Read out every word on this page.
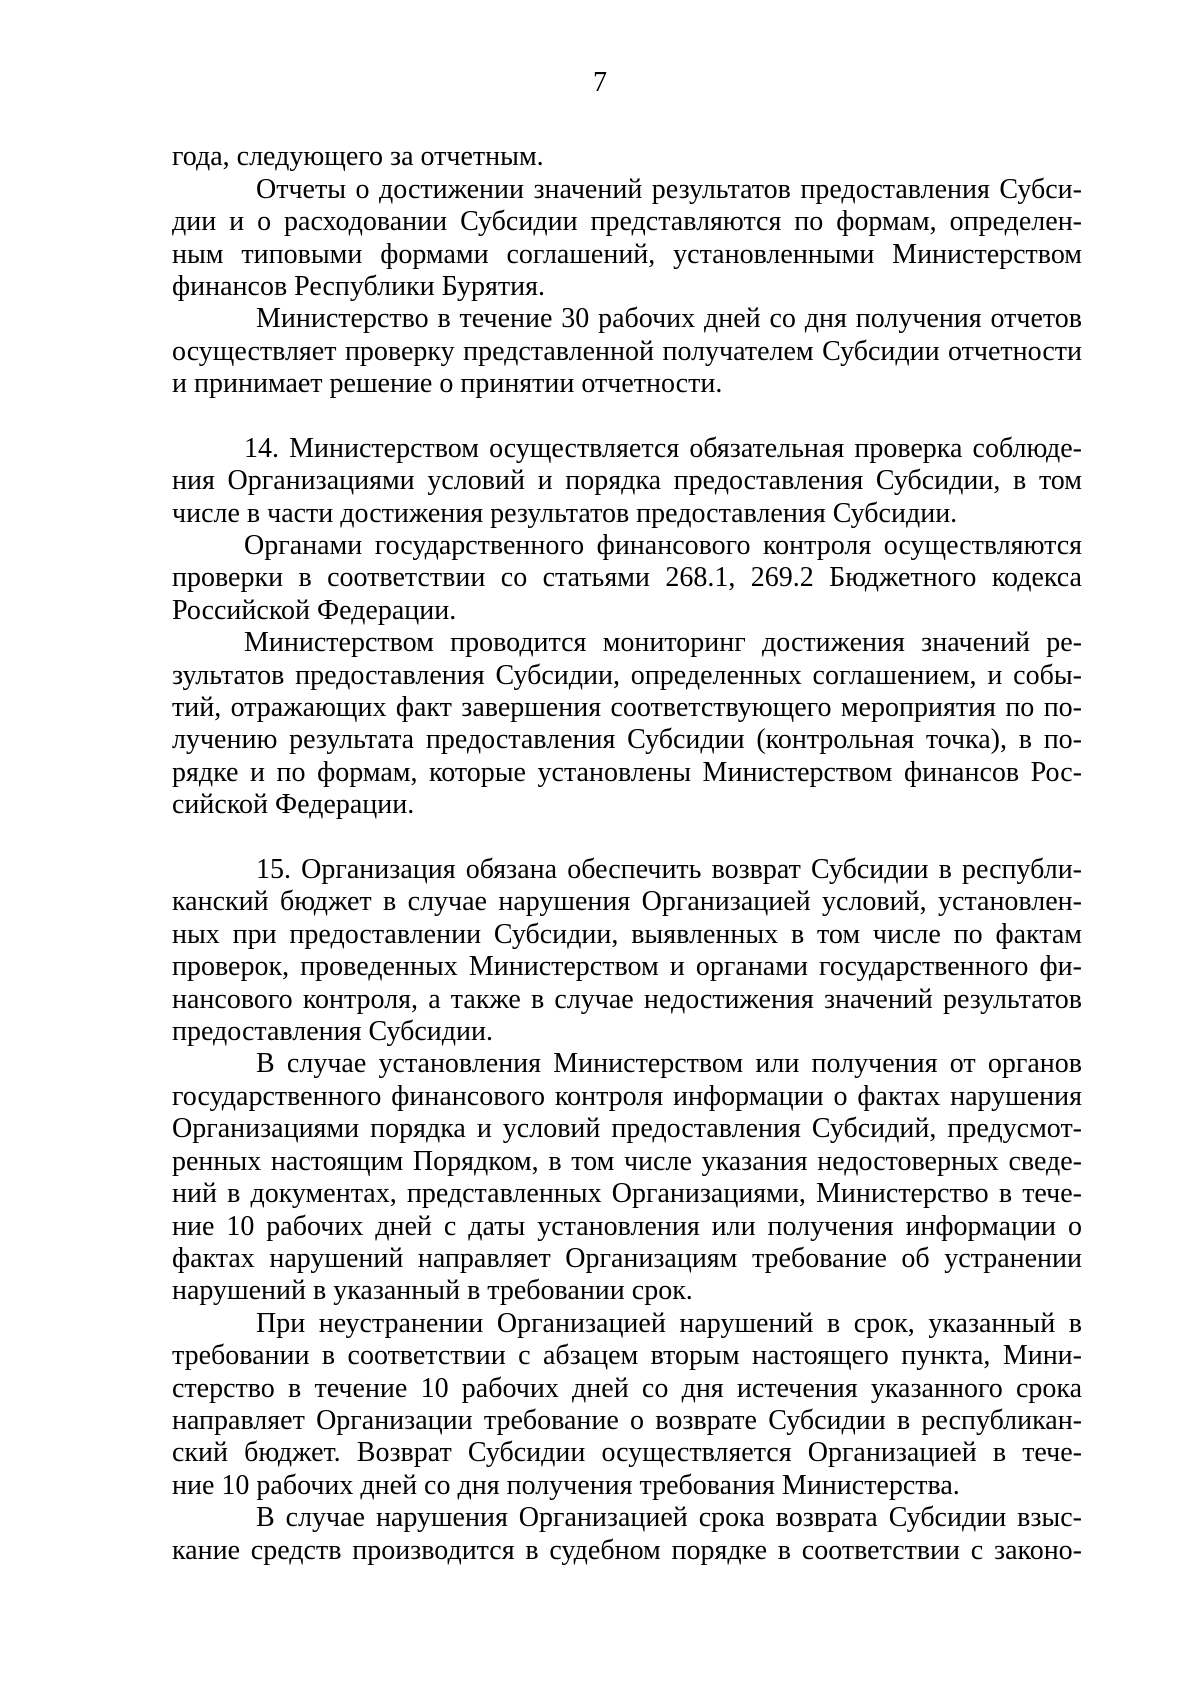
7
года, следующего за отчетным.
Отчеты о достижении значений результатов предоставления Субси-
дии и о расходовании Субсидии представляются по формам, определен-
ным типовыми формами соглашений, установленными Министерством
финансов Республики Бурятия.
Министерство в течение 30 рабочих дней со дня получения отчетов
осуществляет проверку представленной получателем Субсидии отчетности
и принимает решение о принятии отчетности.
14. Министерством осуществляется обязательная проверка соблюде-
ния Организациями условий и порядка предоставления Субсидии, в том
числе в части достижения результатов предоставления Субсидии.
Органами государственного финансового контроля осуществляются
проверки в соответствии со статьями 268.1, 269.2 Бюджетного кодекса
Российской Федерации.
Министерством проводится мониторинг достижения значений ре-
зультатов предоставления Субсидии, определенных соглашением, и собы-
тий, отражающих факт завершения соответствующего мероприятия по по-
лучению результата предоставления Субсидии (контрольная точка), в по-
рядке и по формам, которые установлены Министерством финансов Рос-
сийской Федерации.
15. Организация обязана обеспечить возврат Субсидии в республи-
канский бюджет в случае нарушения Организацией условий, установлен-
ных при предоставлении Субсидии, выявленных в том числе по фактам
проверок, проведенных Министерством и органами государственного фи-
нансового контроля, а также в случае недостижения значений результатов
предоставления Субсидии.
В случае установления Министерством или получения от органов
государственного финансового контроля информации о фактах нарушения
Организациями порядка и условий предоставления Субсидий, предусмот-
ренных настоящим Порядком, в том числе указания недостоверных сведе-
ний в документах, представленных Организациями, Министерство в тече-
ние 10 рабочих дней с даты установления или получения информации о
фактах нарушений направляет Организациям требование об устранении
нарушений в указанный в требовании срок.
При неустранении Организацией нарушений в срок, указанный в
требовании в соответствии с абзацем вторым настоящего пункта, Мини-
стерство в течение 10 рабочих дней со дня истечения указанного срока
направляет Организации требование о возврате Субсидии в республикан-
ский бюджет. Возврат Субсидии осуществляется Организацией в тече-
ние 10 рабочих дней со дня получения требования Министерства.
В случае нарушения Организацией срока возврата Субсидии взыс-
кание средств производится в судебном порядке в соответствии с законо-
